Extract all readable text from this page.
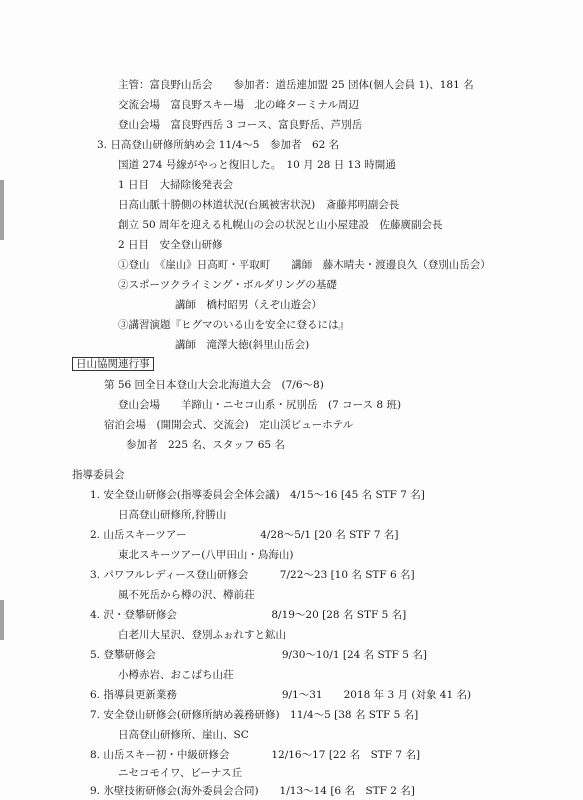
主管：富良野山岳会　　参加者：道岳連加盟 25 団体(個人会員 1)、181 名
交流会場　富良野スキー場　北の峰ターミナル周辺
登山会場　富良野西岳 3 コース、富良野岳、芦別岳
3. 日高登山研修所納め会 11/4～5　参加者　62 名
国道 274 号線がやっと復旧した。　10 月 28 日 13 時開通
1 日目　大掃除後発表会
日高山脈十勝側の林道状況(台風被害状況)　斎藤邦明副会長
創立 50 周年を迎える札幌山の会の状況と山小屋建設　佐藤廣副会長
2 日目　安全登山研修
①登山　《崖山》日高町・平取町　　講師　藤木晴夫・渡邊良久（登別山岳会）
②スポーツクライミング・ボルダリングの基礎
講師　橋村昭男（えぞ山遊会）
③講習演題『ヒグマのいる山を安全に登るには』
講師　滝澤大徳(斜里山岳会)
日山協関連行事
第 56 回全日本登山大会北海道大会　(7/6～8)
登山会場　　羊蹄山・ニセコ山系・尻別岳　(7 コース 8 班)
宿泊会場　(開開会式、交流会)　定山渓ビューホテル
参加者　225 名、スタッフ 65 名
指導委員会
1. 安全登山研修会(指導委員会全体会議)　4/15～16 [45 名 STF 7 名]
日高登山研修所,狩勝山
2. 山岳スキーツアー　　　　　　　4/28～5/1 [20 名 STF 7 名]
東北スキーツアー(八甲田山・鳥海山)
3. パワフルレディース登山研修会　　　7/22～23 [10 名 STF 6 名]
風不死岳から樽の沢、樽前荘
4. 沢・登攀研修会　　　　　　　　　8/19～20 [28 名 STF 5 名]
白老川大星沢、登別ふぉれすと鉱山
5. 登攀研修会　　　　　　　　　　　　9/30～10/1 [24 名 STF 5 名]
小樽赤岩、おこばち山荘
6. 指導員更新業務　　　　　　　　　　9/1～31　　2018 年 3 月 (対象 41 名)
7. 安全登山研修会(研修所納め義務研修)　11/4～5 [38 名 STF 5 名]
日高登山研修所、崖山、SC
8. 山岳スキー初・中級研修会　　　　12/16～17 [22 名　STF 7 名]
ニセコモイワ、ビーナス丘
9. 氷壁技術研修会(海外委員会合同)　　1/13～14 [6 名　STF 2 名]
